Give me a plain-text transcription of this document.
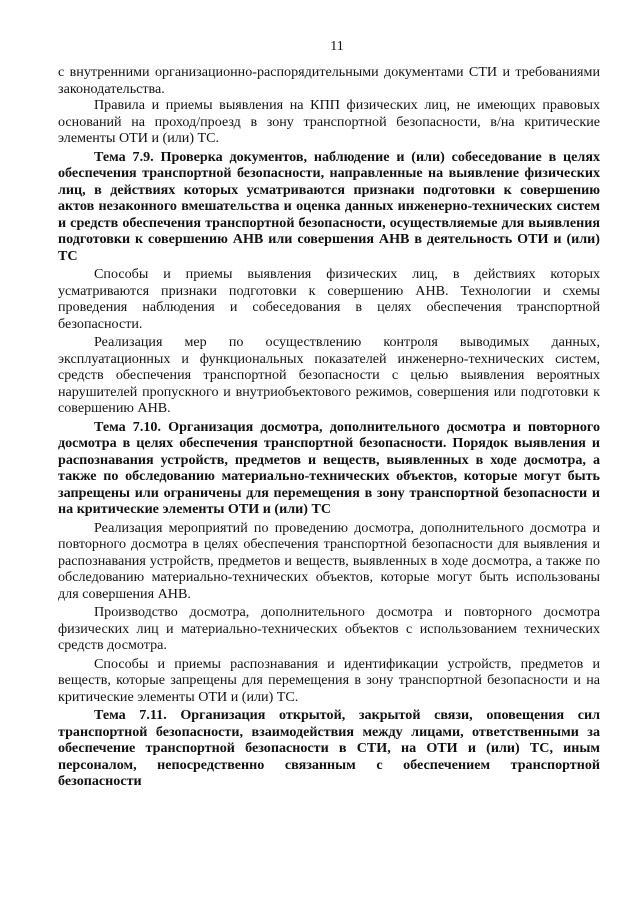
11

с внутренними организационно-распорядительными документами СТИ и требованиями законодательства.

Правила и приемы выявления на КПП физических лиц, не имеющих правовых оснований на проход/проезд в зону транспортной безопасности, в/на критические элементы ОТИ и (или) ТС.

Тема 7.9. Проверка документов, наблюдение и (или) собеседование в целях обеспечения транспортной безопасности, направленные на выявление физических лиц, в действиях которых усматриваются признаки подготовки к совершению актов незаконного вмешательства и оценка данных инженерно-технических систем и средств обеспечения транспортной безопасности, осуществляемые для выявления подготовки к совершению АНВ или совершения АНВ в деятельность ОТИ и (или) ТС

Способы и приемы выявления физических лиц, в действиях которых усматриваются признаки подготовки к совершению АНВ. Технологии и схемы проведения наблюдения и собеседования в целях обеспечения транспортной безопасности.

Реализация мер по осуществлению контроля выводимых данных, эксплуатационных и функциональных показателей инженерно-технических систем, средств обеспечения транспортной безопасности с целью выявления вероятных нарушителей пропускного и внутриобъектового режимов, совершения или подготовки к совершению АНВ.

Тема 7.10. Организация досмотра, дополнительного досмотра и повторного досмотра в целях обеспечения транспортной безопасности. Порядок выявления и распознавания устройств, предметов и веществ, выявленных в ходе досмотра, а также по обследованию материально-технических объектов, которые могут быть запрещены или ограничены для перемещения в зону транспортной безопасности и на критические элементы ОТИ и (или) ТС

Реализация мероприятий по проведению досмотра, дополнительного досмотра и повторного досмотра в целях обеспечения транспортной безопасности для выявления и распознавания устройств, предметов и веществ, выявленных в ходе досмотра, а также по обследованию материально-технических объектов, которые могут быть использованы для совершения АНВ.

Производство досмотра, дополнительного досмотра и повторного досмотра физических лиц и материально-технических объектов с использованием технических средств досмотра.

Способы и приемы распознавания и идентификации устройств, предметов и веществ, которые запрещены для перемещения в зону транспортной безопасности и на критические элементы ОТИ и (или) ТС.

Тема 7.11. Организация открытой, закрытой связи, оповещения сил транспортной безопасности, взаимодействия между лицами, ответственными за обеспечение транспортной безопасности в СТИ, на ОТИ и (или) ТС, иным персоналом, непосредственно связанным с обеспечением транспортной безопасности
